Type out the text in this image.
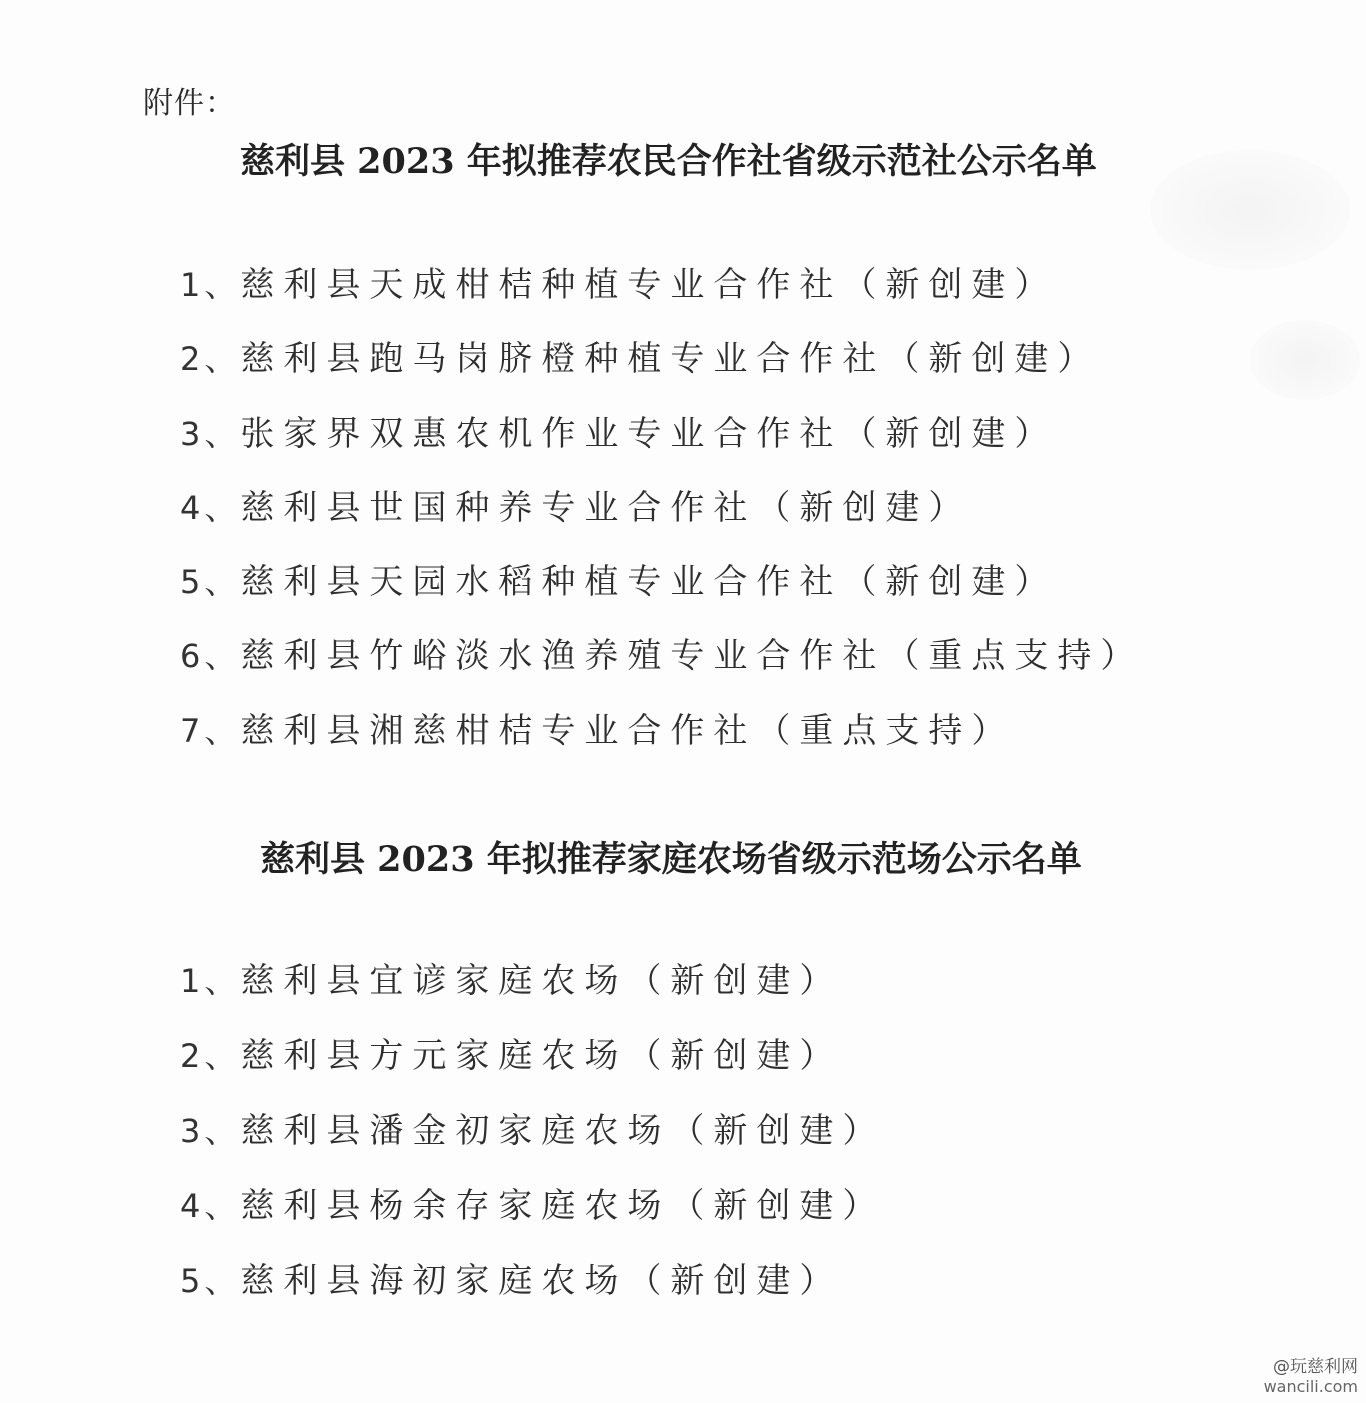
附件：
慈利县 2023 年拟推荐农民合作社省级示范社公示名单
1、慈利县天成柑桔种植专业合作社（新创建）
2、慈利县跑马岗脐橙种植专业合作社（新创建）
3、张家界双惠农机作业专业合作社（新创建）
4、慈利县世国种养专业合作社（新创建）
5、慈利县天园水稻种植专业合作社（新创建）
6、慈利县竹峪淡水渔养殖专业合作社（重点支持）
7、慈利县湘慈柑桔专业合作社（重点支持）
慈利县 2023 年拟推荐家庭农场省级示范场公示名单
1、慈利县宜谚家庭农场（新创建）
2、慈利县方元家庭农场（新创建）
3、慈利县潘金初家庭农场（新创建）
4、慈利县杨余存家庭农场（新创建）
5、慈利县海初家庭农场（新创建）
@玩慈利网
wancili.com
